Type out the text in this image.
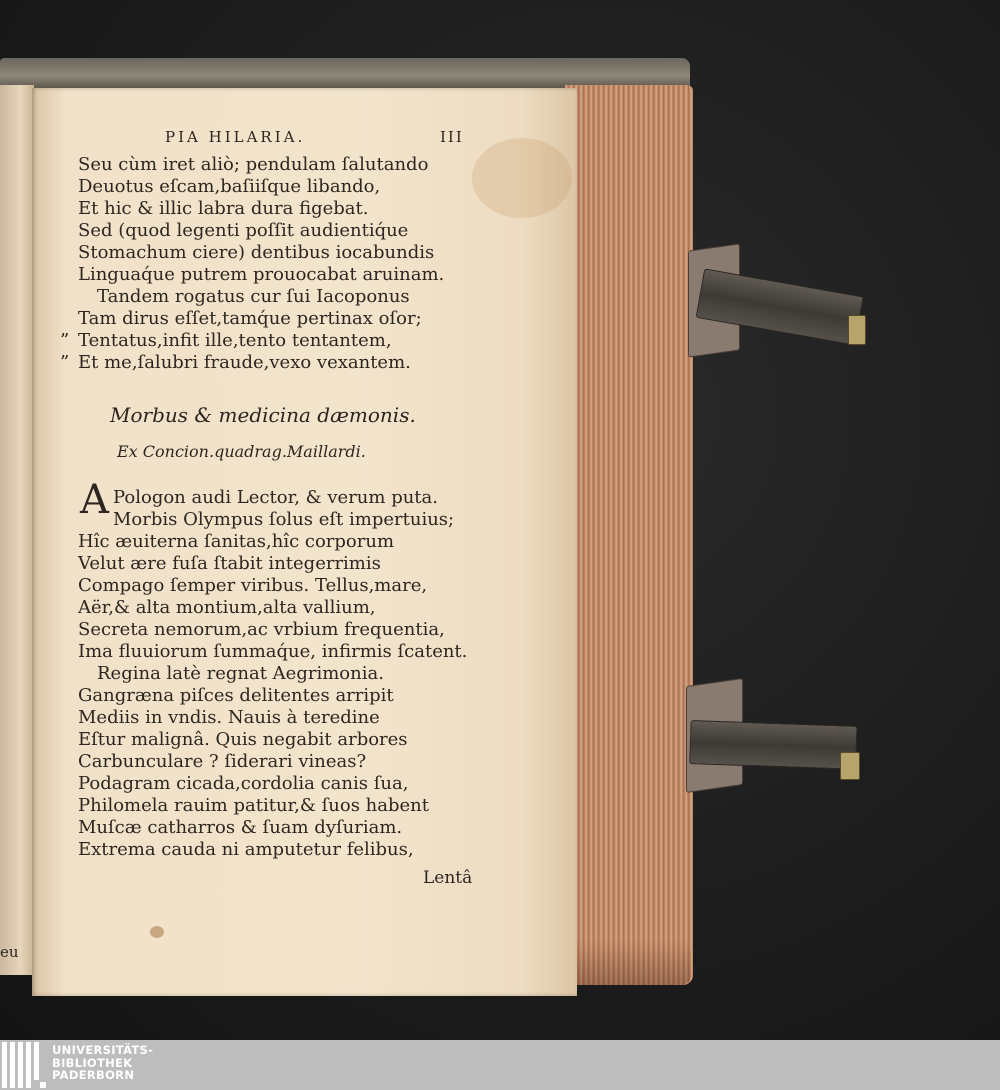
eu
PIA HILARIA.	III
Seu cùm iret aliò; pendulam ſalutando
Deuotus eſcam,baſiiſque libando,
Et hic & illic labra dura figebat.
Sed (quod legenti poſſit audientiq́ue
Stomachum ciere) dentibus iocabundis
Linguaq́ue putrem prouocabat aruinam.
Tandem rogatus cur ſui Iacoponus
Tam dirus eſſet,tamq́ue pertinax oſor;
Tentatus,infit ille,tento tentantem,
Et me,ſalubri fraude,vexo vexantem.
”
”
Morbus & medicina dæmonis.
Ex Concion.quadrag.Maillardi.
A Pologon audi Lector, & verum puta.
Morbis Olympus ſolus eſt impertuius;
Hîc æuiterna ſanitas,hîc corporum
Velut ære fuſa ſtabit integerrimis
Compago ſemper viribus. Tellus,mare,
Aër,& alta montium,alta vallium,
Secreta nemorum,ac vrbium frequentia,
Ima fluuiorum ſummaq́ue, infirmis ſcatent.
Regina latè regnat Aegrimonia.
Gangræna piſces delitentes arripit
Mediis in vndis. Nauis à teredine
Eſtur malignâ. Quis negabit arbores
Carbunculare ? ſiderari vineas?
Podagram cicada,cordolia canis ſua,
Philomela rauim patitur,& ſuos habent
Muſcæ catharros & ſuam dyſuriam.
Extrema cauda ni amputetur felibus,
Lentâ
UNIVERSITÄTS-
BIBLIOTHEK
PADERBORN
